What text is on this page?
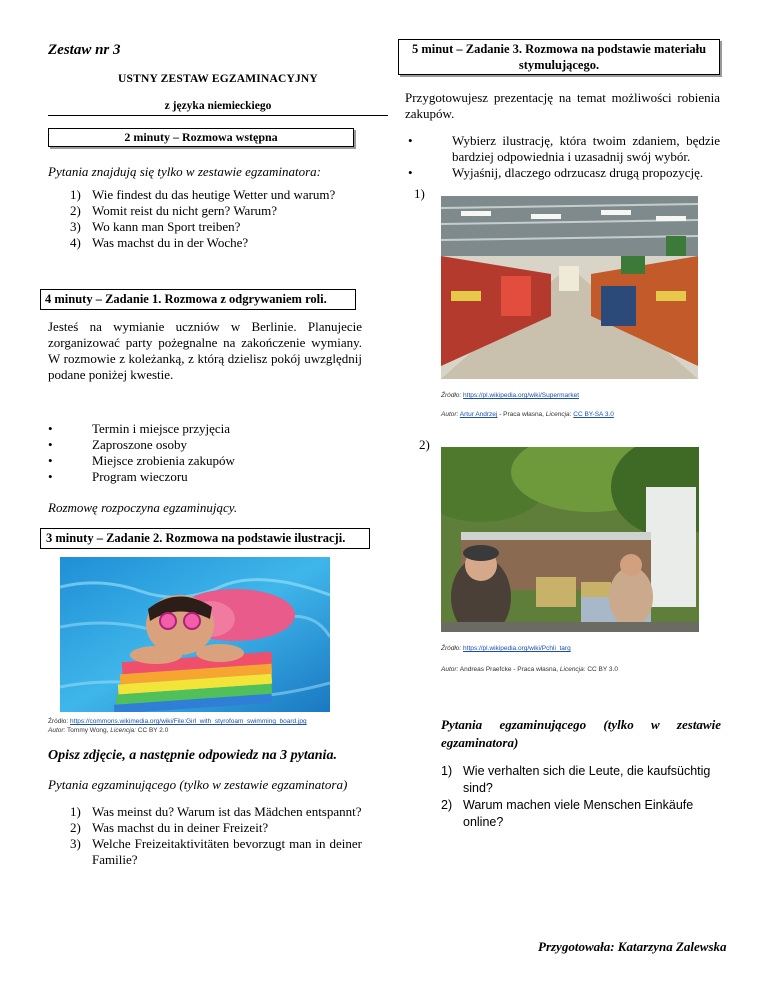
Zestaw nr 3
USTNY ZESTAW EGZAMINACYJNY
z języka niemieckiego
2 minuty – Rozmowa wstępna
Pytania znajdują się tylko w zestawie egzaminatora:
1) Wie findest du das heutige Wetter und warum?
2) Womit reist du nicht gern? Warum?
3) Wo kann man Sport treiben?
4) Was machst du in der Woche?
4 minuty – Zadanie 1. Rozmowa z odgrywaniem roli.
Jesteś na wymianie uczniów w Berlinie. Planujecie zorganizować party pożegnalne na zakończenie wymiany. W rozmowie z koleżanką, z którą dzielisz pokój uwzględnij podane poniżej kwestie.
• Termin i miejsce przyjęcia
• Zaproszone osoby
• Miejsce zrobienia zakupów
• Program wieczoru
Rozmowę rozpoczyna egzaminujący.
3 minuty – Zadanie 2. Rozmowa na podstawie ilustracji.
Źródło: https://commons.wikimedia.org/wiki/File:Girl_with_styrofoam_swimming_board.jpg
Autor: Tommy Wong, Licencja: CC BY 2.0
Opisz zdjęcie, a następnie odpowiedz na 3 pytania.
Pytania egzaminującego (tylko w zestawie egzaminatora)
1) Was meinst du? Warum ist das Mädchen entspannt?
2) Was machst du in deiner Freizeit?
3) Welche Freizeitaktivitäten bevorzugt man in deiner Familie?
5 minut – Zadanie 3. Rozmowa na podstawie materiału
stymulującego.
Przygotowujesz prezentację na temat możliwości robienia zakupów.
• Wybierz ilustrację, która twoim zdaniem, będzie bardziej odpowiednia i uzasadnij swój wybór.
• Wyjaśnij, dlaczego odrzucasz drugą propozycję.
1)
Źródło: https://pl.wikipedia.org/wiki/Supermarket
Autor: Artur Andrzej - Praca własna, Licencja: CC BY-SA 3.0
2)
Źródło: https://pl.wikipedia.org/wiki/Pchli_targ
Autor: Andreas Praefcke - Praca własna, Licencja: CC BY 3.0
Pytania egzaminującego (tylko w zestawie egzaminatora)
1) Wie verhalten sich die Leute, die kaufsüchtig sind?
2) Warum machen viele Menschen Einkäufe online?
Przygotowała: Katarzyna Zalewska
